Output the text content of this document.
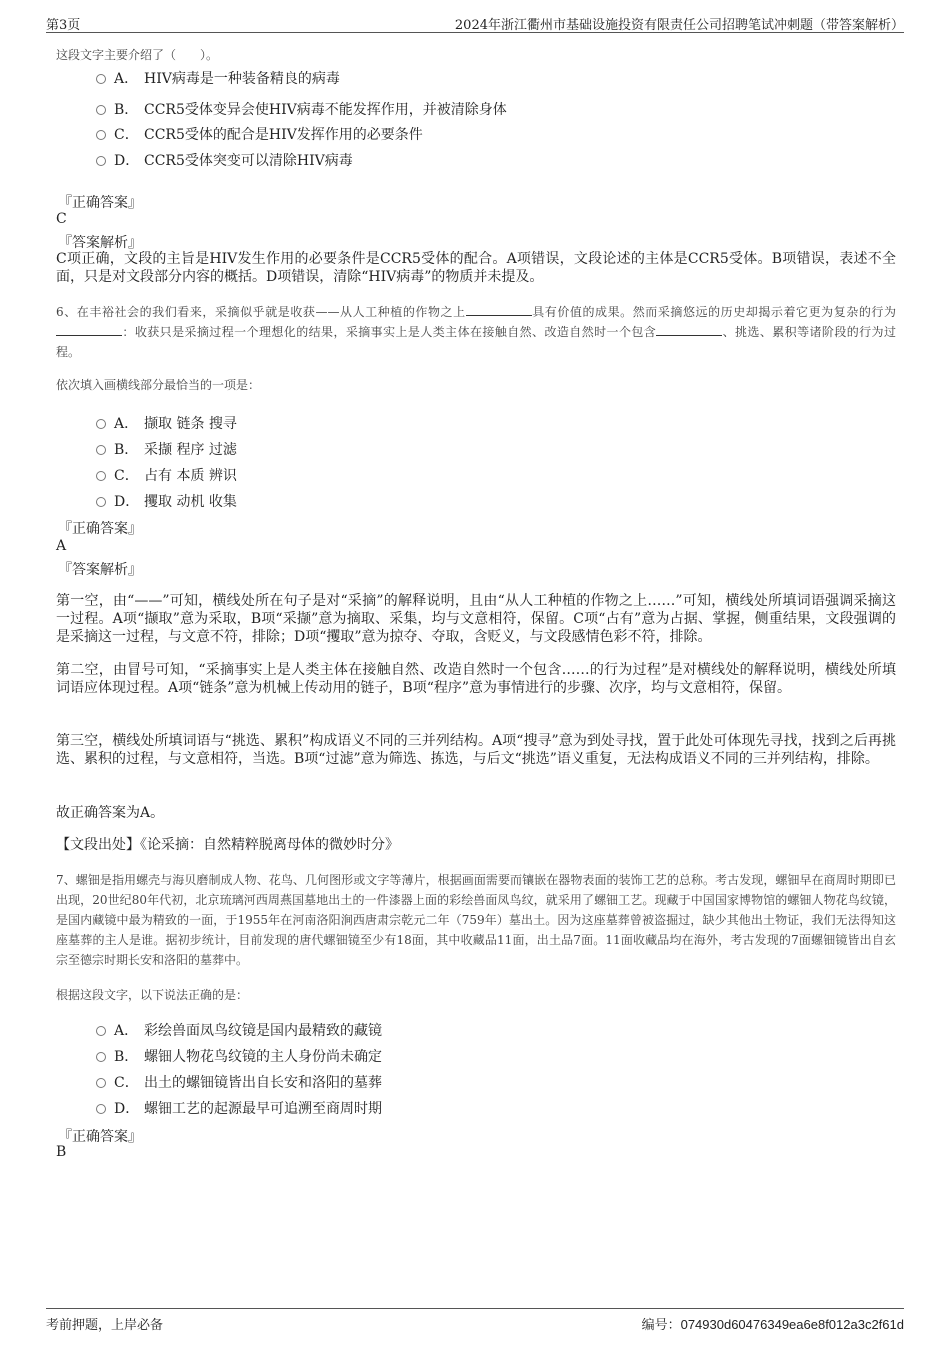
第3页	2024年浙江衢州市基础设施投资有限责任公司招聘笔试冲刺题（带答案解析）
这段文字主要介绍了（　　）。
A． HIV病毒是一种装备精良的病毒
B． CCR5受体变异会使HIV病毒不能发挥作用，并被清除身体
C． CCR5受体的配合是HIV发挥作用的必要条件
D． CCR5受体突变可以清除HIV病毒
『正确答案』
C
『答案解析』
C项正确，文段的主旨是HIV发生作用的必要条件是CCR5受体的配合。A项错误，文段论述的主体是CCR5受体。B项错误，表述不全面，只是对文段部分内容的概括。D项错误，清除“HIV病毒”的物质并未提及。
6、在丰裕社会的我们看来，采摘似乎就是收获——从人工种植的作物之上	具有价值的成果。然而采摘悠远的历史却揭示着它更为复杂的行为：收获只是采摘过程一个理想化的结果，采摘事实上是人类主体在接触自然、改造自然时一个包含	、挑选、累积等诸阶段的行为过程。
依次填入画横线部分最恰当的一项是：
A． 撷取 链条 搜寻
B． 采撷 程序 过滤
C． 占有 本质 辨识
D． 攫取 动机 收集
『正确答案』
A
『答案解析』
第一空，由“——”可知，横线处所在句子是对“采摘”的解释说明，且由“从人工种植的作物之上……”可知，横线处所填词语强调采摘这一过程。A项“撷取”意为采取，B项“采撷”意为摘取、采集，均与文意相符，保留。C项“占有”意为占据、掌握，侧重结果，文段强调的是采摘这一过程，与文意不符，排除；D项“攫取”意为掠夺、夺取，含贬义，与文段感情色彩不符，排除。
第二空，由冒号可知，“采摘事实上是人类主体在接触自然、改造自然时一个包含……的行为过程”是对横线处的解释说明，横线处所填词语应体现过程。A项“链条”意为机械上传动用的链子，B项“程序”意为事情进行的步骤、次序，均与文意相符，保留。
第三空，横线处所填词语与“挑选、累积”构成语义不同的三并列结构。A项“搜寻”意为到处寻找，置于此处可体现先寻找，找到之后再挑选、累积的过程，与文意相符，当选。B项“过滤”意为筛选、拣选，与后文“挑选”语义重复，无法构成语义不同的三并列结构，排除。
故正确答案为A。
【文段出处】《论采摘：自然精粹脱离母体的微妙时分》
7、螺钿是指用螺壳与海贝磨制成人物、花鸟、几何图形或文字等薄片，根据画面需要而镶嵌在器物表面的装饰工艺的总称。考古发现，螺钿早在商周时期即已出现，20世纪80年代初，北京琉璃河西周燕国墓地出土的一件漆器上面的彩绘兽面凤鸟纹，就采用了螺钿工艺。现藏于中国国家博物馆的螺钿人物花鸟纹镜，是国内藏镜中最为精致的一面，于1955年在河南洛阳涧西唐肃宗乾元二年（759年）墓出土。因为这座墓葬曾被盗掘过，缺少其他出土物证，我们无法得知这座墓葬的主人是谁。据初步统计，目前发现的唐代螺钿镜至少有18面，其中收藏品11面，出土品7面。11面收藏品均在海外，考古发现的7面螺钿镜皆出自玄宗至德宗时期长安和洛阳的墓葬中。
根据这段文字，以下说法正确的是：
A． 彩绘兽面凤鸟纹镜是国内最精致的藏镜
B． 螺钿人物花鸟纹镜的主人身份尚未确定
C． 出土的螺钿镜皆出自长安和洛阳的墓葬
D． 螺钿工艺的起源最早可追溯至商周时期
『正确答案』
B
考前押题，上岸必备	编号：074930d60476349ea6e8f012a3c2f61d
